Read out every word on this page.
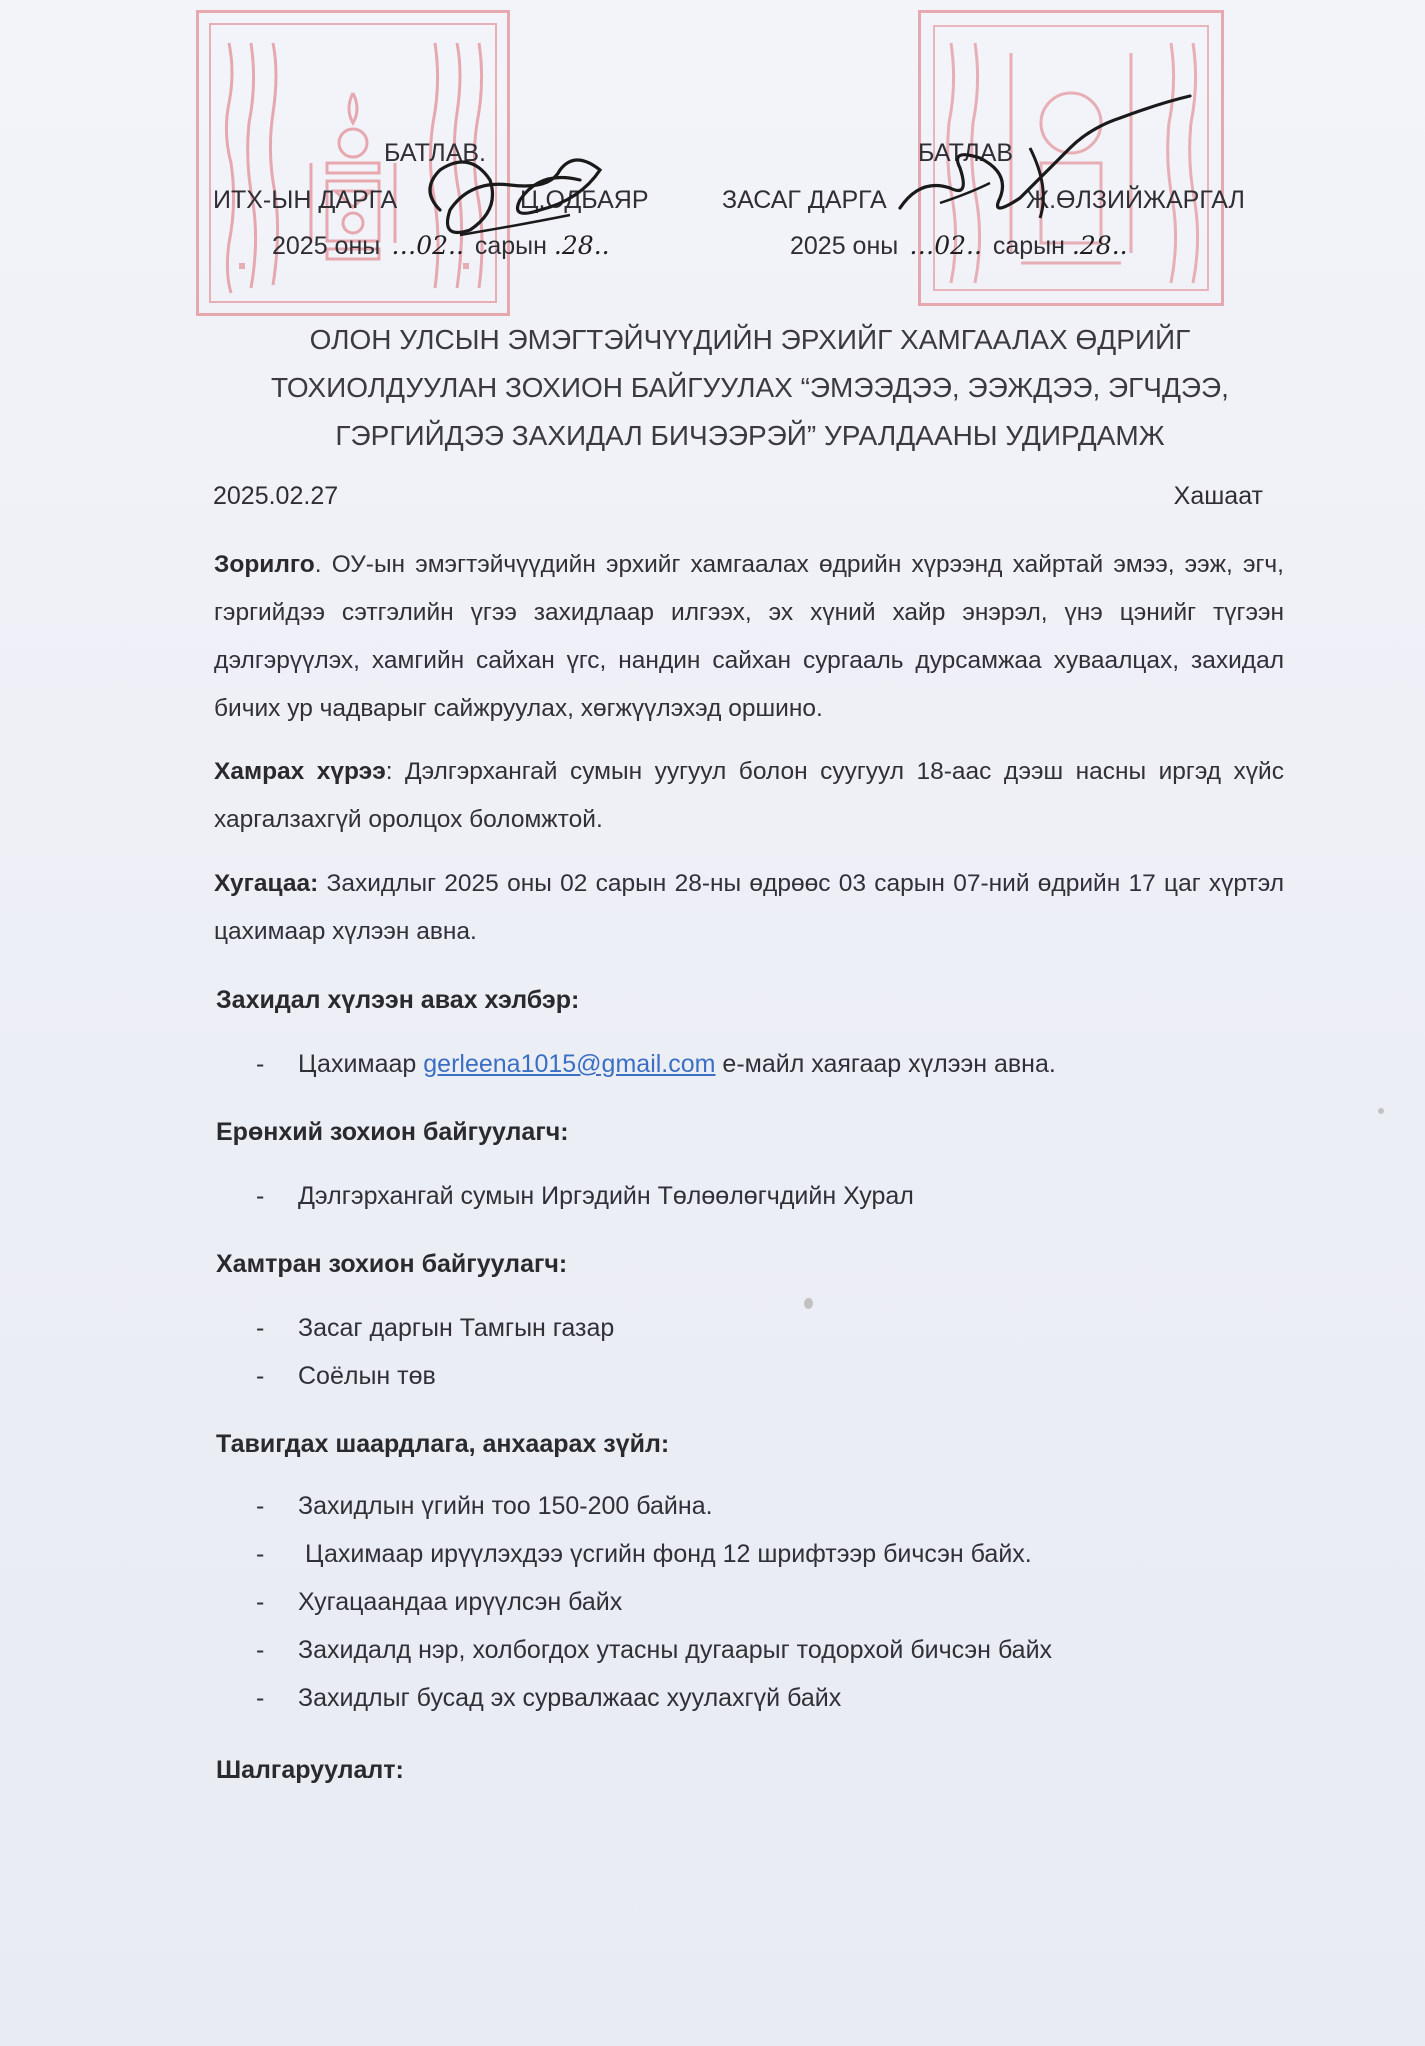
БАТЛАВ.
ИТХ-ЫН ДАРГА	Ц.ОДБАЯР
2025 оны …02.. сарын .28..
БАТЛАВ
ЗАСАГ ДАРГА	Ж.ӨЛЗИЙЖАРГАЛ
2025 оны …02.. сарын .28..
ОЛОН УЛСЫН ЭМЭГТЭЙЧҮҮДИЙН ЭРХИЙГ ХАМГААЛАХ ӨДРИЙГ
ТОХИОЛДУУЛАН ЗОХИОН БАЙГУУЛАХ “ЭМЭЭДЭЭ, ЭЭЖДЭЭ, ЭГЧДЭЭ,
ГЭРГИЙДЭЭ ЗАХИДАЛ БИЧЭЭРЭЙ” УРАЛДААНЫ УДИРДАМЖ
2025.02.27	Хашаат
Зорилго. ОУ-ын эмэгтэйчүүдийн эрхийг хамгаалах өдрийн хүрээнд хайртай эмээ, ээж, эгч, гэргийдээ сэтгэлийн үгээ захидлаар илгээх, эх хүний хайр энэрэл, үнэ цэнийг түгээн дэлгэрүүлэх, хамгийн сайхан үгс, нандин сайхан сургааль дурсамжаа хуваалцах, захидал бичих ур чадварыг сайжруулах, хөгжүүлэхэд оршино.
Хамрах хүрээ: Дэлгэрхангай сумын уугуул болон суугуул 18-аас дээш насны иргэд хүйс харгалзахгүй оролцох боломжтой.
Хугацаа: Захидлыг 2025 оны 02 сарын 28-ны өдрөөс 03 сарын 07-ний өдрийн 17 цаг хүртэл цахимаар хүлээн авна.
Захидал хүлээн авах хэлбэр:
- Цахимаар gerleena1015@gmail.com е-майл хаягаар хүлээн авна.
Ерөнхий зохион байгуулагч:
- Дэлгэрхангай сумын Иргэдийн Төлөөлөгчдийн Хурал
Хамтран зохион байгуулагч:
- Засаг даргын Тамгын газар
- Соёлын төв
Тавигдах шаардлага, анхаарах зүйл:
- Захидлын үгийн тоо 150-200 байна.
- Цахимаар ирүүлэхдээ үсгийн фонд 12 шрифтээр бичсэн байх.
- Хугацаандаа ирүүлсэн байх
- Захидалд нэр, холбогдох утасны дугаарыг тодорхой бичсэн байх
- Захидлыг бусад эх сурвалжаас хуулахгүй байх
Шалгаруулалт:
